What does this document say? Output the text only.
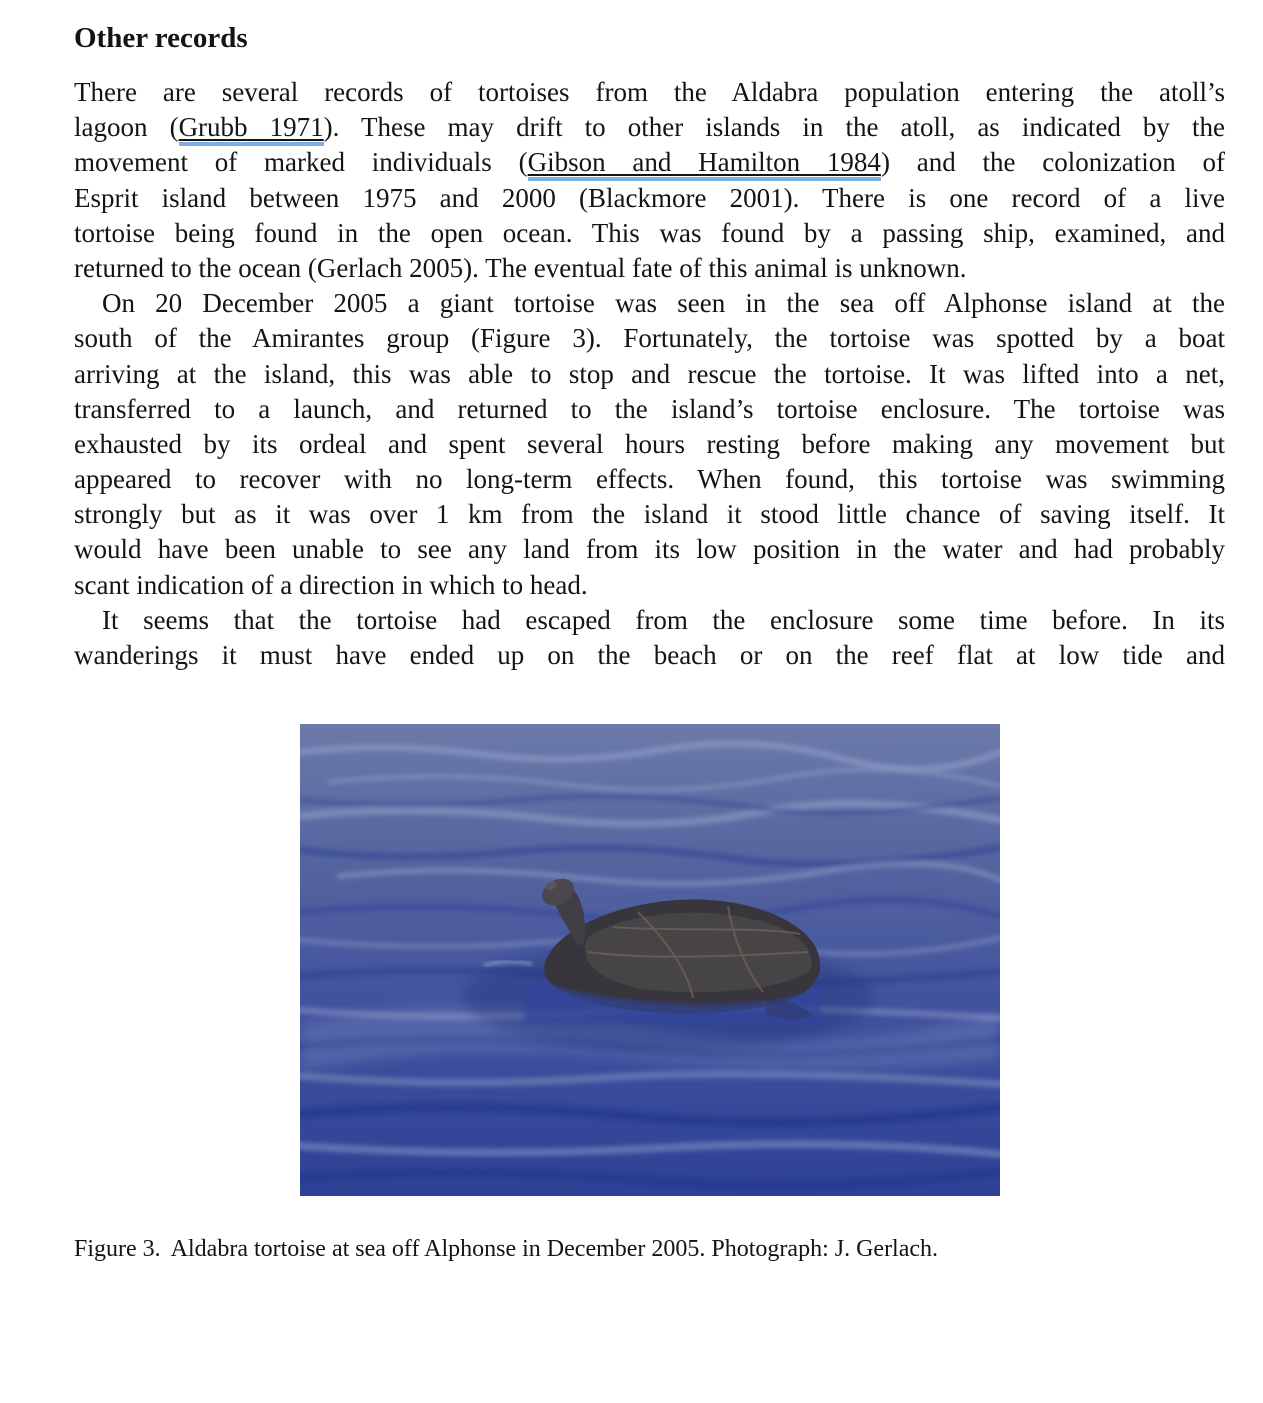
Other records
There are several records of tortoises from the Aldabra population entering the atoll’s
lagoon (Grubb 1971). These may drift to other islands in the atoll, as indicated by the
movement of marked individuals (Gibson and Hamilton 1984) and the colonization of
Esprit island between 1975 and 2000 (Blackmore 2001). There is one record of a live
tortoise being found in the open ocean. This was found by a passing ship, examined, and
returned to the ocean (Gerlach 2005). The eventual fate of this animal is unknown.
On 20 December 2005 a giant tortoise was seen in the sea off Alphonse island at the
south of the Amirantes group (Figure 3). Fortunately, the tortoise was spotted by a boat
arriving at the island, this was able to stop and rescue the tortoise. It was lifted into a net,
transferred to a launch, and returned to the island’s tortoise enclosure. The tortoise was
exhausted by its ordeal and spent several hours resting before making any movement but
appeared to recover with no long-term effects. When found, this tortoise was swimming
strongly but as it was over 1 km from the island it stood little chance of saving itself. It
would have been unable to see any land from its low position in the water and had probably
scant indication of a direction in which to head.
It seems that the tortoise had escaped from the enclosure some time before. In its
wanderings it must have ended up on the beach or on the reef flat at low tide and
Figure 3. Aldabra tortoise at sea off Alphonse in December 2005. Photograph: J. Gerlach.
